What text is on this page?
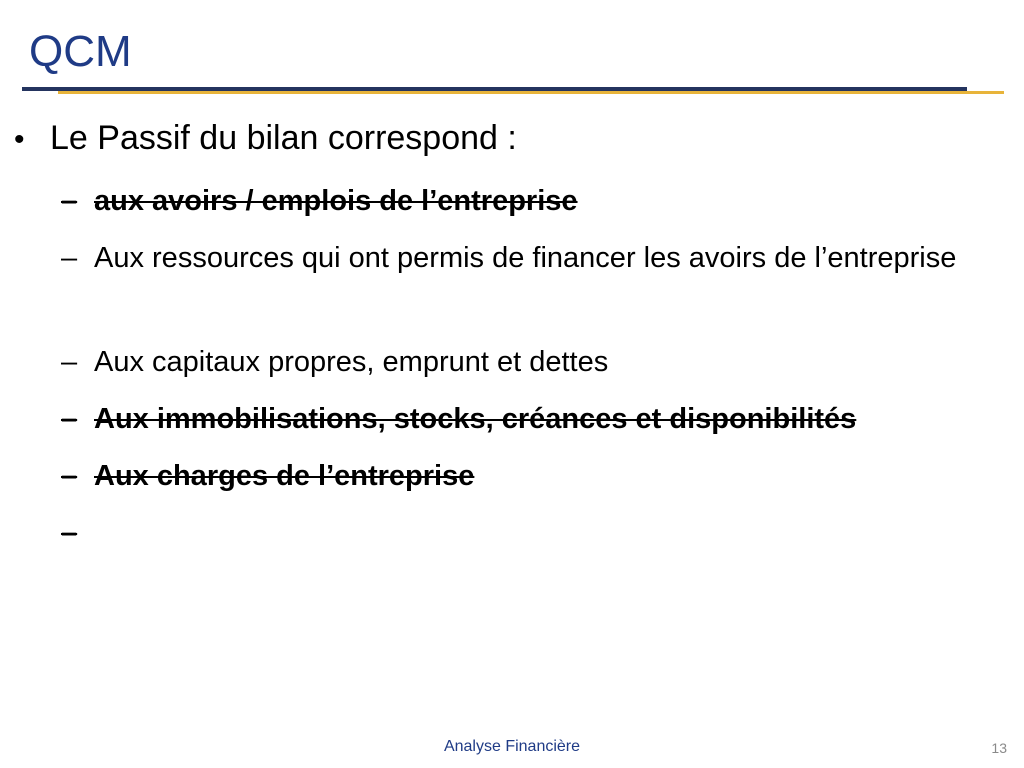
QCM
• Le Passif du bilan correspond :
– aux avoirs / emplois de l’entreprise
– Aux ressources qui ont permis de financer les avoirs de l’entreprise
– Aux capitaux propres, emprunt et dettes
– Aux immobilisations, stocks, créances et disponibilités
– Aux charges de l’entreprise
–
Analyse Financière	13
